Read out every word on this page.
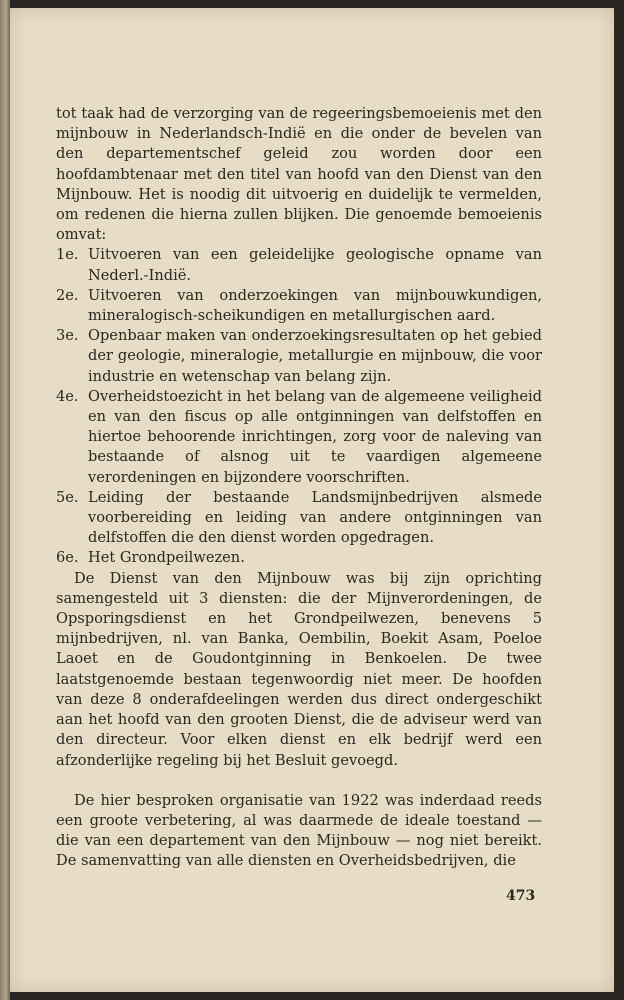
tot taak had de verzorging van de regeeringsbemoeienis met den mijnbouw in Nederlandsch-Indië en die onder de bevelen van den departementschef geleid zou worden door een hoofdambtenaar met den titel van hoofd van den Dienst van den Mijnbouw. Het is noodig dit uitvoerig en duidelijk te vermelden, om redenen die hierna zullen blijken. Die genoemde bemoeienis omvat:

1e. Uitvoeren van een geleidelijke geologische opname van Nederl.-Indië.
2e. Uitvoeren van onderzoekingen van mijnbouwkundigen, mineralogisch-scheikundigen en metallurgischen aard.
3e. Openbaar maken van onderzoekingsresultaten op het gebied der geologie, mineralogie, metallurgie en mijnbouw, die voor industrie en wetenschap van belang zijn.
4e. Overheidstoezicht in het belang van de algemeene veiligheid en van den fiscus op alle ontginningen van delfstoffen en hiertoe behoorende inrichtingen, zorg voor de naleving van bestaande of alsnog uit te vaardigen algemeene verordeningen en bijzondere voorschriften.
5e. Leiding der bestaande Landsmijnbedrijven alsmede voorbereiding en leiding van andere ontginningen van delfstoffen die den dienst worden opgedragen.
6e. Het Grondpeilwezen.

De Dienst van den Mijnbouw was bij zijn oprichting samengesteld uit 3 diensten: die der Mijnverordeningen, de Opsporingsdienst en het Grondpeilwezen, benevens 5 mijnbedrijven, nl. van Banka, Oembilin, Boekit Asam, Poeloe Laoet en de Goudontginning in Benkoelen. De twee laatstgenoemde bestaan tegenwoordig niet meer. De hoofden van deze 8 onderafdeelingen werden dus direct ondergeschikt aan het hoofd van den grooten Dienst, die de adviseur werd van den directeur. Voor elken dienst en elk bedrijf werd een afzonderlijke regeling bij het Besluit gevoegd.

De hier besproken organisatie van 1922 was inderdaad reeds een groote verbetering, al was daarmede de ideale toestand — die van een departement van den Mijnbouw — nog niet bereikt. De samenvatting van alle diensten en Overheidsbedrijven, die

473
